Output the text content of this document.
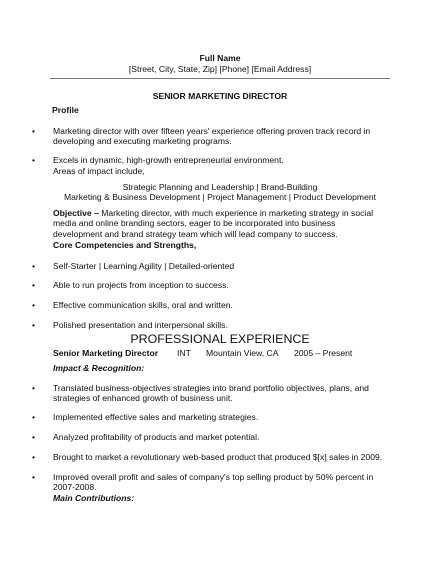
Full Name
[Street, City, State, Zip] [Phone] [Email Address]
SENIOR MARKETING DIRECTOR
Profile
•	Marketing director with over fifteen years' experience offering proven track record in developing and executing marketing programs.
•	Excels in dynamic, high-growth entrepreneurial environment.
Areas of impact include,
Strategic Planning and Leadership | Brand-Building
Marketing & Business Development | Project Management | Product Development
Objective – Marketing director, with much experience in marketing strategy in social media and online branding sectors, eager to be incorporated into business development and brand strategy team which will lead company to success.
Core Competencies and Strengths,
•	Self-Starter | Learning Agility | Detailed-oriented
•	Able to run projects from inception to success.
•	Effective communication skills, oral and written.
•	Polished presentation and interpersonal skills.
PROFESSIONAL EXPERIENCE
Senior Marketing Director INT Mountain View, CA 2005 – Present
Impact & Recognition:
•	Translated business-objectives strategies into brand portfolio objectives, plans, and strategies of enhanced growth of business unit.
•	Implemented effective sales and marketing strategies.
•	Analyzed profitability of products and market potential.
•	Brought to market a revolutionary web-based product that produced $[x] sales in 2009.
•	Improved overall profit and sales of company's top selling product by 50% percent in 2007-2008.
Main Contributions:
